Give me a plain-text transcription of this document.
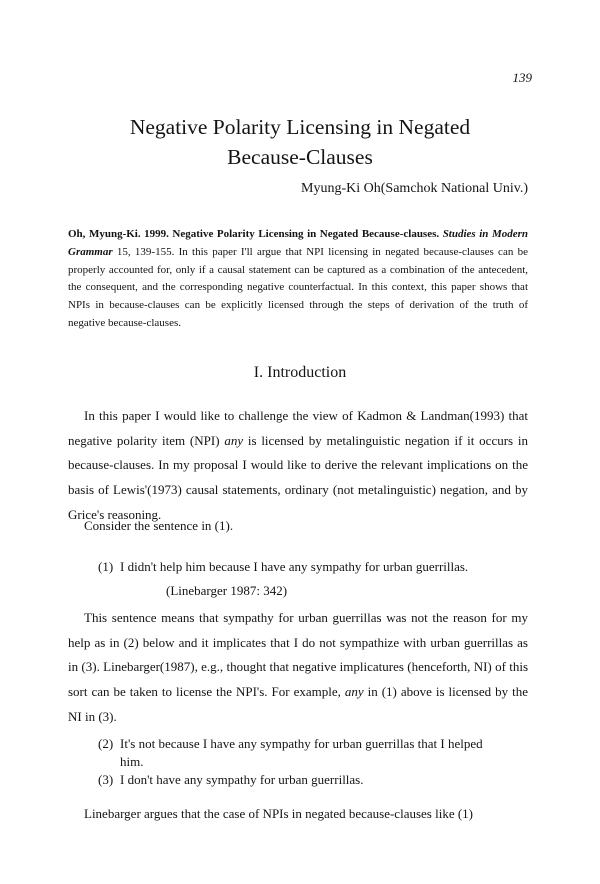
139
Negative Polarity Licensing in Negated
Because-Clauses
Myung-Ki Oh(Samchok National Univ.)
Oh, Myung-Ki. 1999. Negative Polarity Licensing in Negated Because-clauses. Studies in Modern Grammar 15, 139-155. In this paper I'll argue that NPI licensing in negated because-clauses can be properly accounted for, only if a causal statement can be captured as a combination of the antecedent, the consequent, and the corresponding negative counterfactual. In this context, this paper shows that NPIs in because-clauses can be explicitly licensed through the steps of derivation of the truth of negative because-clauses.
I. Introduction

In this paper I would like to challenge the view of Kadmon & Landman(1993) that negative polarity item (NPI) any is licensed by metalinguistic negation if it occurs in because-clauses. In my proposal I would like to derive the relevant implications on the basis of Lewis'(1973) causal statements, ordinary (not metalinguistic) negation, and by Grice's reasoning.

Consider the sentence in (1).

(1) I didn't help him because I have any sympathy for urban guerrillas.

(Linebarger 1987: 342)

This sentence means that sympathy for urban guerrillas was not the reason for my help as in (2) below and it implicates that I do not sympathize with urban guerrillas as in (3). Linebarger(1987), e.g., thought that negative implicatures (henceforth, NI) of this sort can be taken to license the NPI's. For example, any in (1) above is licensed by the NI in (3).

(2) It's not because I have any sympathy for urban guerrillas that I helped

him.

(3) I don't have any sympathy for urban guerrillas.

Linebarger argues that the case of NPIs in negated because-clauses like (1)
